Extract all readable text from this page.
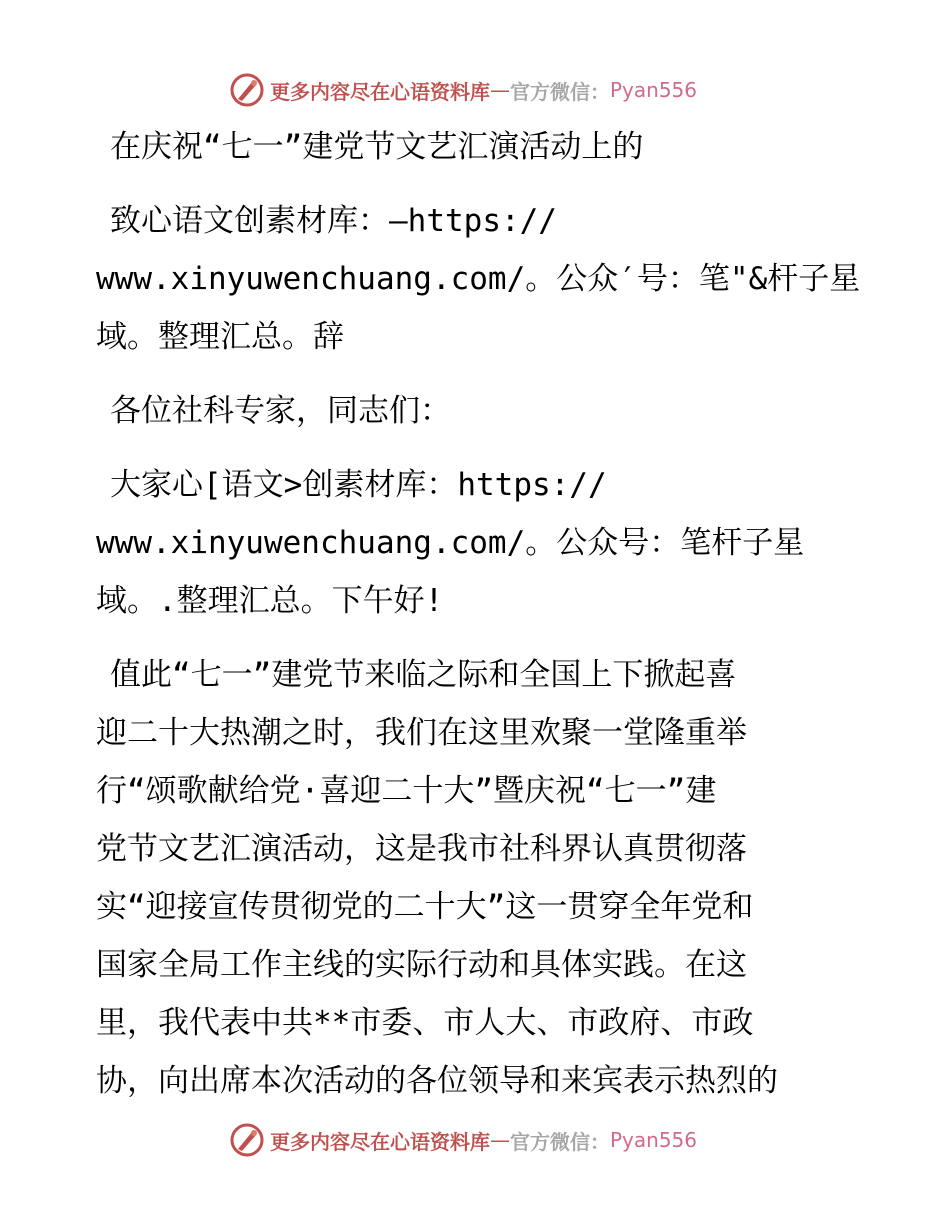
更多内容尽在心语资料库 — 官方微信： Pyan556
在庆祝“七一”建党节文艺汇演活动上的
致心语文创素材库：—https://
www.xinyuwenchuang.com/。公众′号：笔"&杆子星
域。整理汇总。辞
各位社科专家，同志们：
大家心[语文>创素材库：https://
www.xinyuwenchuang.com/。公众号：笔杆子星
域。.整理汇总。下午好!
值此“七一”建党节来临之际和全国上下掀起喜
迎二十大热潮之时，我们在这里欢聚一堂隆重举
行“颂歌献给党·喜迎二十大”暨庆祝“七一”建
党节文艺汇演活动，这是我市社科界认真贯彻落
实“迎接宣传贯彻党的二十大”这一贯穿全年党和
国家全局工作主线的实际行动和具体实践。在这
里，我代表中共**市委、市人大、市政府、市政
协，向出席本次活动的各位领导和来宾表示热烈的
更多内容尽在心语资料库 — 官方微信： Pyan556
